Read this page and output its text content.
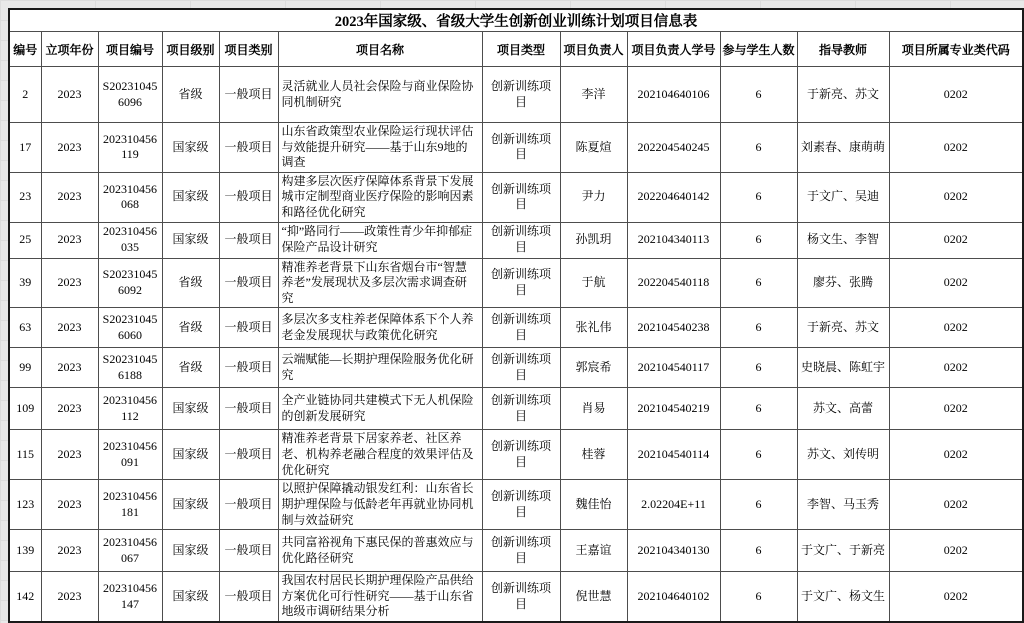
2023年国家级、省级大学生创新创业训练计划项目信息表											
编号	立项年份	项目编号	项目级别	项目类别	项目名称	项目类型	项目负责人	项目负责人学号	参与学生人数	指导教师	项目所属专业类代码
2	2023	S202310456096	省级	一般项目	灵活就业人员社会保险与商业保险协同机制研究	创新训练项目	李洋	202104640106	6	于新亮、苏文	0202
17	2023	202310456119	国家级	一般项目	山东省政策型农业保险运行现状评估与效能提升研究——基于山东9地的调查	创新训练项目	陈夏煊	202204540245	6	刘素春、康萌萌	0202
23	2023	202310456068	国家级	一般项目	构建多层次医疗保障体系背景下发展城市定制型商业医疗保险的影响因素和路径优化研究	创新训练项目	尹力	202204640142	6	于文广、吴迪	0202
25	2023	202310456035	国家级	一般项目	“抑”路同行——政策性青少年抑郁症保险产品设计研究	创新训练项目	孙凯玥	202104340113	6	杨文生、李智	0202
39	2023	S202310456092	省级	一般项目	精准养老背景下山东省烟台市“智慧养老”发展现状及多层次需求调查研究	创新训练项目	于航	202204540118	6	廖芬、张腾	0202
63	2023	S202310456060	省级	一般项目	多层次多支柱养老保障体系下个人养老金发展现状与政策优化研究	创新训练项目	张礼伟	202104540238	6	于新亮、苏文	0202
99	2023	S202310456188	省级	一般项目	云端赋能—长期护理保险服务优化研究	创新训练项目	郭宸希	202104540117	6	史晓晨、陈虹宇	0202
109	2023	202310456112	国家级	一般项目	全产业链协同共建模式下无人机保险的创新发展研究	创新训练项目	肖易	202104540219	6	苏文、高蕾	0202
115	2023	202310456091	国家级	一般项目	精准养老背景下居家养老、社区养老、机构养老融合程度的效果评估及优化研究	创新训练项目	桂蓉	202104540114	6	苏文、刘传明	0202
123	2023	202310456181	国家级	一般项目	以照护保障撬动银发红利：山东省长期护理保险与低龄老年再就业协同机制与效益研究	创新训练项目	魏佳怡	2.02204E+11	6	李智、马玉秀	0202
139	2023	202310456067	国家级	一般项目	共同富裕视角下惠民保的普惠效应与优化路径研究	创新训练项目	王嘉谊	202104340130	6	于文广、于新亮	0202
142	2023	202310456147	国家级	一般项目	我国农村居民长期护理保险产品供给方案优化可行性研究——基于山东省地级市调研结果分析	创新训练项目	倪世慧	202104640102	6	于文广、杨文生	0202
